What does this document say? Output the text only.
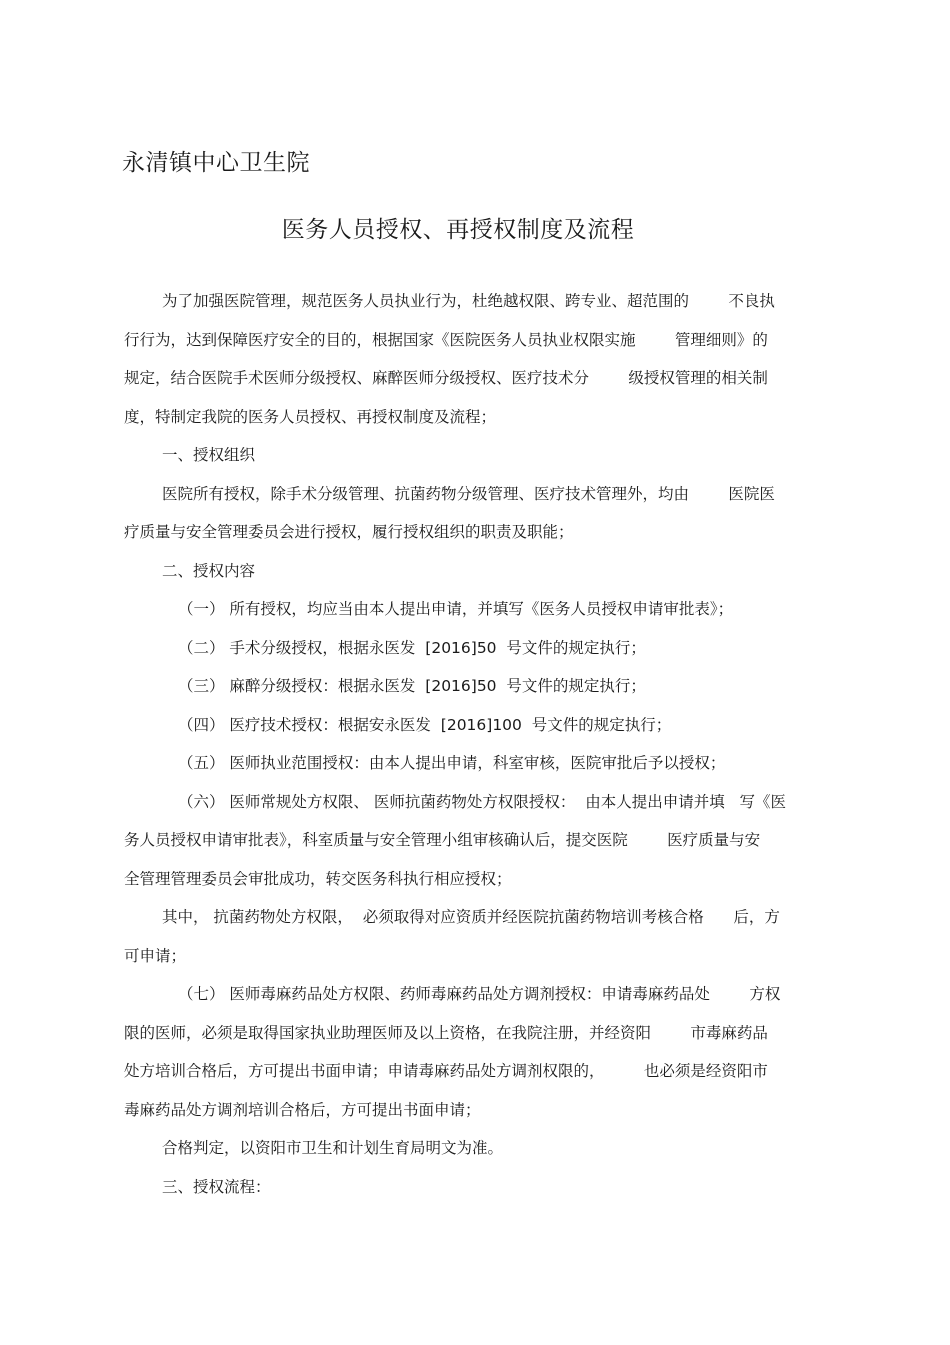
永清镇中心卫生院
医务人员授权、再授权制度及流程
为了加强医院管理，规范医务人员执业行为，杜绝越权限、跨专业、超范围的        不良执
行行为，达到保障医疗安全的目的，根据国家《医院医务人员执业权限实施        管理细则》的
规定，结合医院手术医师分级授权、麻醉医师分级授权、医疗技术分        级授权管理的相关制
度，特制定我院的医务人员授权、再授权制度及流程；
一、授权组织
医院所有授权，除手术分级管理、抗菌药物分级管理、医疗技术管理外，均由        医院医
疗质量与安全管理委员会进行授权，履行授权组织的职责及职能；
二、授权内容
（一） 所有授权，均应当由本人提出申请，并填写《医务人员授权申请审批表》；
（二） 手术分级授权，根据永医发  [2016]50  号文件的规定执行；
（三） 麻醉分级授权：根据永医发  [2016]50  号文件的规定执行；
（四） 医疗技术授权：根据安永医发  [2016]100  号文件的规定执行；
（五） 医师执业范围授权：由本人提出申请，科室审核，医院审批后予以授权；
（六） 医师常规处方权限、 医师抗菌药物处方权限授权：  由本人提出申请并填   写《医
务人员授权申请审批表》，科室质量与安全管理小组审核确认后，提交医院        医疗质量与安
全管理管理委员会审批成功，转交医务科执行相应授权；
其中， 抗菌药物处方权限，  必须取得对应资质并经医院抗菌药物培训考核合格      后，方
可申请；
（七） 医师毒麻药品处方权限、药师毒麻药品处方调剂授权：申请毒麻药品处        方权
限的医师，必须是取得国家执业助理医师及以上资格，在我院注册，并经资阳        市毒麻药品
处方培训合格后，方可提出书面申请；申请毒麻药品处方调剂权限的，        也必须是经资阳市
毒麻药品处方调剂培训合格后，方可提出书面申请；
合格判定，以资阳市卫生和计划生育局明文为准。
三、授权流程：
